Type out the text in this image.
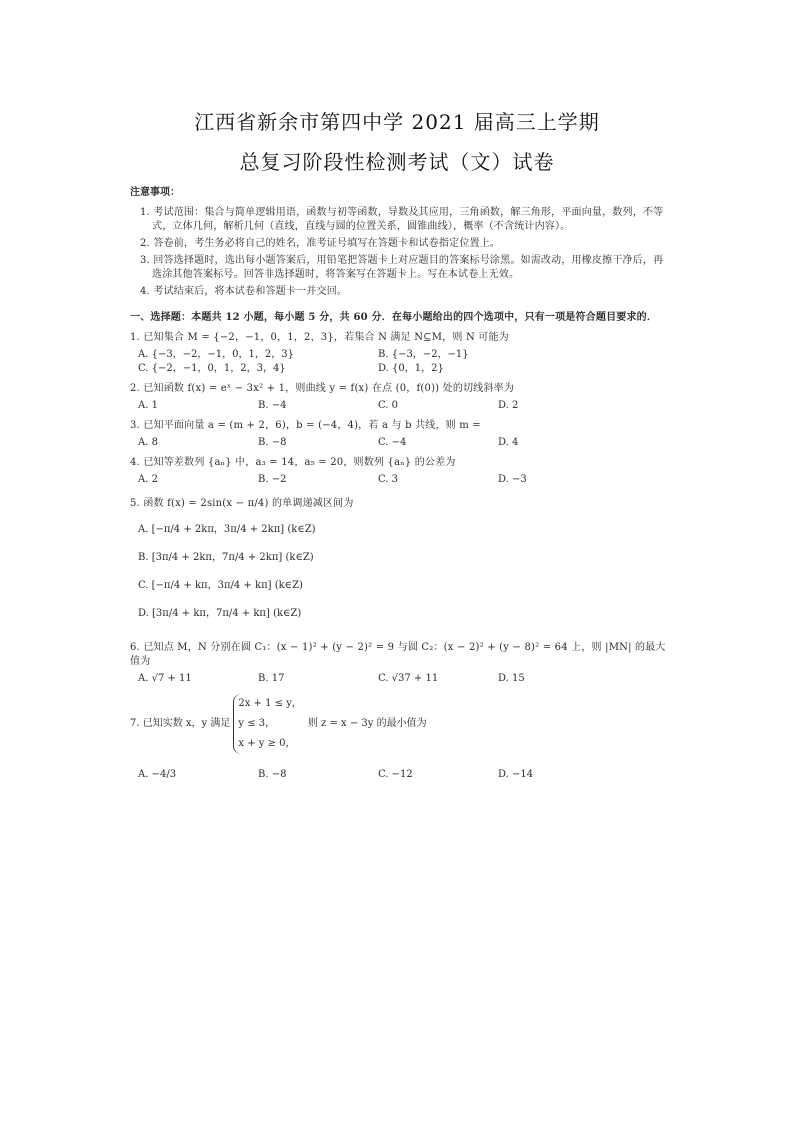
江西省新余市第四中学 2021 届高三上学期
总复习阶段性检测考试（文）试卷
注意事项：
1. 考试范围：集合与简单逻辑用语，函数与初等函数，导数及其应用，三角函数，解三角形，平面向量，数列，不等式，立体几何，解析几何（直线，直线与圆的位置关系，圆锥曲线），概率（不含统计内容）。
2. 答卷前，考生务必将自己的姓名，准考证号填写在答题卡和试卷指定位置上。
3. 回答选择题时，选出每小题答案后，用铅笔把答题卡上对应题目的答案标号涂黑。如需改动，用橡皮擦干净后，再选涂其他答案标号。回答非选择题时，将答案写在答题卡上。写在本试卷上无效。
4. 考试结束后，将本试卷和答题卡一并交回。
一、选择题：本题共 12 小题，每小题 5 分，共 60 分．在每小题给出的四个选项中，只有一项是符合题目要求的．
1. 已知集合 M = {−2，−1，0，1，2，3}，若集合 N 满足 N⊆M，则 N 可能为
A. {−3，−2，−1，0，1，2，3}	B. {−3，−2，−1}
C. {−2，−1，0，1，2，3，4}	D. {0，1，2}
2. 已知函数 f(x) = eˣ − 3x² + 1，则曲线 y = f(x) 在点 (0，f(0)) 处的切线斜率为
A. 1	B. −4	C. 0	D. 2
3. 已知平面向量 a = (m + 2，6)，b = (−4，4)，若 a 与 b 共线，则 m =
A. 8	B. −8	C. −4	D. 4
4. 已知等差数列 {aₙ} 中，a₃ = 14，a₅ = 20，则数列 {aₙ} 的公差为
A. 2	B. −2	C. 3	D. −3
5. 函数 f(x) = 2sin(x − π/4) 的单调递减区间为
A. [−π/4 + 2kπ，3π/4 + 2kπ] (k∈Z)
B. [3π/4 + 2kπ，7π/4 + 2kπ] (k∈Z)
C. [−π/4 + kπ，3π/4 + kπ] (k∈Z)
D. [3π/4 + kπ，7π/4 + kπ] (k∈Z)
6. 已知点 M，N 分别在圆 C₁：(x − 1)² + (y − 2)² = 9 与圆 C₂：(x − 2)² + (y − 8)² = 64 上，则 |MN| 的最大值为
A. √7 + 11	B. 17	C. √37 + 11	D. 15
7. 已知实数 x，y 满足
2x + 1 ≤ y，
y ≤ 3，
x + y ≥ 0，
则 z = x − 3y 的最小值为
A. −4/3	B. −8	C. −12	D. −14
